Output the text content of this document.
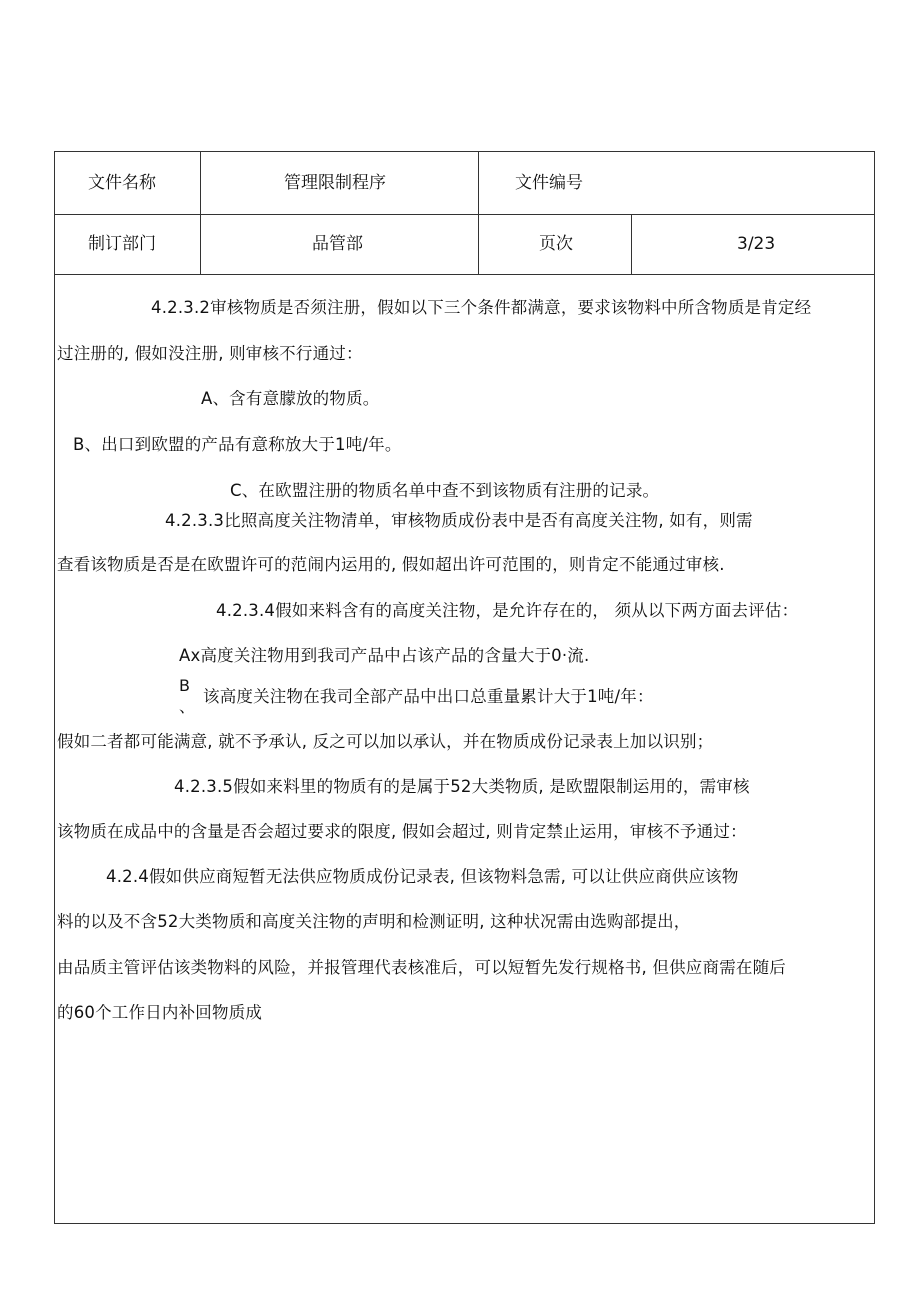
文件名称	管理限制程序	文件编号
制订部门	品管部	页次	3/23
4.2.3.2审核物质是否须注册，假如以下三个条件都满意，要求该物料中所含物质是肯定经
过注册的, 假如没注册, 则审核不行通过：
A、含有意朦放的物质。
B、出口到欧盟的产品有意称放大于1吨/年。
C、在欧盟注册的物质名单中查不到该物质有注册的记录。
4.2.3.3比照高度关注物清单，审核物质成份表中是否有高度关注物, 如有，则需
查看该物质是否是在欧盟许可的范闹内运用的, 假如超出许可范围的，则肯定不能通过审核.
4.2.3.4假如来料含有的高度关注物，是允许存在的， 须从以下两方面去评估：
Ax高度关注物用到我司产品中占该产品的含量大于0·流.
B
、
该高度关注物在我司全部产品中出口总重量累计大于1吨/年：
假如二者都可能满意, 就不予承认, 反之可以加以承认，并在物质成份记录表上加以识别；
4.2.3.5假如来料里的物质有的是属于52大类物质, 是欧盟限制运用的，需审核
该物质在成品中的含量是否会超过要求的限度, 假如会超过, 则肯定禁止运用，审核不予通过：
4.2.4假如供应商短暂无法供应物质成份记录表, 但该物料急需, 可以让供应商供应该物
料的以及不含52大类物质和高度关注物的声明和检测证明, 这种状况需由选购部提出，
由品质主管评估该类物料的风险，并报管理代表核准后，可以短暂先发行规格书, 但供应商需在随后
的60个工作日内补回物质成
